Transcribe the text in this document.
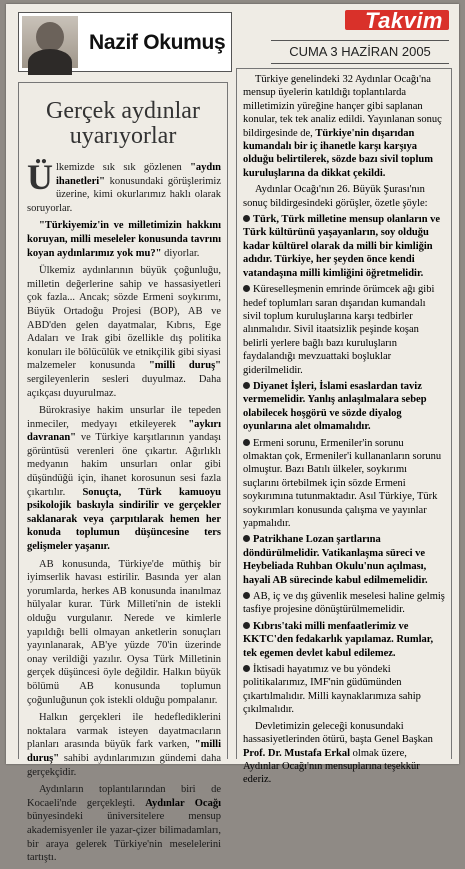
Nazif Okumuş
Takvim
CUMA 3 HAZİRAN 2005
Gerçek aydınlar
uyarıyorlar

Ülkemizde sık sık gözlenen "aydın ihanetleri" konusundaki görüşlerimiz üzerine, kimi okurlarımız haklı olarak soruyorlar.

"Türkiyemiz'in ve milletimizin hakkını koruyan, milli meseleler konusunda tavrını koyan aydınlarımız yok mu?" diyorlar.

Ülkemiz aydınlarının büyük çoğunluğu, milletin değerlerine sahip ve hassasiyetleri çok fazla... Ancak; sözde Ermeni soykırımı, Büyük Ortadoğu Projesi (BOP), AB ve ABD'den gelen dayatmalar, Kıbrıs, Ege Adaları ve Irak gibi özellikle dış politika konuları ile bölücülük ve etnikçilik gibi siyasi malzemeler konusunda "milli duruş" sergileyenlerin sesleri duyulmaz. Daha açıkçası duyurulmaz.

Bürokrasiye hakim unsurlar ile tepeden inmeciler, medyayı etkileyerek "aykırı davranan" ve Türkiye karşıtlarının yandaşı görüntüsü verenleri öne çıkartır. Ağırlıklı medyanın hakim unsurları onlar gibi düşündüğü için, ihanet korosunun sesi fazla çıkartılır. Sonuçta, Türk kamuoyu psikolojik baskıyla sindirilir ve gerçekler saklanarak veya çarpıtılarak hemen her konuda toplumun düşüncesine ters gelişmeler yaşanır.

AB konusunda, Türkiye'de müthiş bir iyimserlik havası estirilir. Basında yer alan yorumlarda, herkes AB konusunda inanılmaz hülyalar kurar. Türk Milleti'nin de istekli olduğu vurgulanır. Nerede ve kimlerle yapıldığı belli olmayan anketlerin sonuçları yayınlanarak, AB'ye yüzde 70'in üzerinde onay verildiği yazılır. Oysa Türk Milletinin gerçek düşüncesi öyle değildir. Halkın büyük bölümü AB konusunda toplumun çoğunluğunun çok istekli olduğu pompalanır.

Halkın gerçekleri ile hedeflediklerini noktalara varmak isteyen dayatmacıların planları arasında büyük fark varken, "milli duruş" sahibi aydınlarımızın gündemi daha gerçekçidir.

Aydınların toplantılarından biri de Kocaeli'nde gerçekleşti. Aydınlar Ocağı bünyesindeki üniversitelere mensup akademisyenler ile yazar-çizer bilimadamları, bir araya gelerek Türkiye'nin meselelerini tartıştı.

Türkiye genelindeki 32 Aydınlar Ocağı'na mensup üyelerin katıldığı toplantılarda milletimizin yüreğine hançer gibi saplanan konular, tek tek analiz edildi. Yayınlanan sonuç bildirgesinde de, Türkiye'nin dışarıdan kumandalı bir iç ihanetle karşı karşıya olduğu belirtilerek, sözde bazı sivil toplum kuruluşlarına da dikkat çekildi.

Aydınlar Ocağı'nın 26. Büyük Şurası'nın sonuç bildirgesindeki görüşler, özetle şöyle:

Türk, Türk milletine mensup olanların ve Türk kültürünü yaşayanların, soy olduğu kadar kültürel olarak da milli bir kimliğin adıdır. Türkiye, her şeyden önce kendi vatandaşına milli kimliğini öğretmelidir.

Küreselleşmenin emrinde örümcek ağı gibi hedef toplumları saran dışarıdan kumandalı sivil toplum kuruluşlarına karşı tedbirler alınmalıdır. Sivil itaatsizlik peşinde koşan belirli yerlere bağlı bazı kuruluşların faydalandığı mevzuattaki boşluklar giderilmelidir.

Diyanet İşleri, İslami esaslardan taviz vermemelidir. Yanlış anlaşılmalara sebep olabilecek hoşgörü ve sözde diyalog oyunlarına alet olmamalıdır.

Ermeni sorunu, Ermeniler'in sorunu olmaktan çok, Ermeniler'i kullananların sorunu olmuştur. Bazı Batılı ülkeler, soykırımı suçlarını örtebilmek için sözde Ermeni soykırımına tutunmaktadır. Asıl Türkiye, Türk soykırımları konusunda çalışma ve yayınlar yapmalıdır.

Patrikhane Lozan şartlarına döndürülmelidir. Vatikanlaşma süreci ve Heybeliada Ruhban Okulu'nun açılması, hayali AB sürecinde kabul edilmemelidir.

AB, iç ve dış güvenlik meselesi haline gelmiş tasfiye projesine dönüştürülmemelidir.

Kıbrıs'taki milli menfaatlerimiz ve KKTC'den fedakarlık yapılamaz. Rumlar, tek egemen devlet kabul edilemez.

İktisadi hayatımız ve bu yöndeki politikalarımız, IMF'nin güdümünden çıkartılmalıdır. Milli kaynaklarımıza sahip çıkılmalıdır.

Devletimizin geleceği konusundaki hassasiyetlerinden ötürü, başta Genel Başkan Prof. Dr. Mustafa Erkal olmak üzere, Aydınlar Ocağı'nın mensuplarına teşekkür ederiz.
